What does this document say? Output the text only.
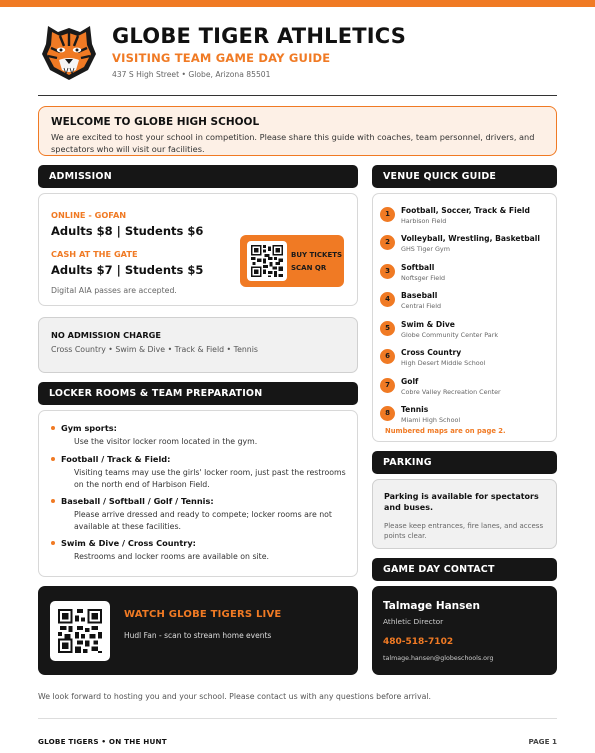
GLOBE TIGER ATHLETICS
VISITING TEAM GAME DAY GUIDE
437 S High Street • Globe, Arizona 85501
WELCOME TO GLOBE HIGH SCHOOL

We are excited to host your school in competition. Please share this guide with coaches, team personnel, drivers, and spectators who will visit our facilities.

ADMISSION
ONLINE - GOFAN
Adults $8 | Students $6
CASH AT THE GATE
Adults $7 | Students $5
Digital AIA passes are accepted.
BUY TICKETS
SCAN QR
NO ADMISSION CHARGE
Cross Country • Swim & Dive • Track & Field • Tennis
LOCKER ROOMS & TEAM PREPARATION
Gym sports:
Use the visitor locker room located in the gym.
Football / Track & Field:
Visiting teams may use the girls' locker room, just past the restrooms on the north end of Harbison Field.
Baseball / Softball / Golf / Tennis:
Please arrive dressed and ready to compete; locker rooms are not available at these facilities.
Swim & Dive / Cross Country:
Restrooms and locker rooms are available on site.
WATCH GLOBE TIGERS LIVE
Hudl Fan - scan to stream home events
VENUE QUICK GUIDE
1	Football, Soccer, Track & Field
Harbison Field
2	Volleyball, Wrestling, Basketball
GHS Tiger Gym
3	Softball
Noftsger Field
4	Baseball
Central Field
5	Swim & Dive
Globe Community Center Park
6	Cross Country
High Desert Middle School
7	Golf
Cobre Valley Recreation Center
8	Tennis
Miami High School
Numbered maps are on page 2.
PARKING
Parking is available for spectators and buses.
Please keep entrances, fire lanes, and access points clear.
GAME DAY CONTACT
Talmage Hansen
Athletic Director
480-518-7102
talmage.hansen@globeschools.org
We look forward to hosting you and your school. Please contact us with any questions before arrival.
GLOBE TIGERS • ON THE HUNT	PAGE 1
